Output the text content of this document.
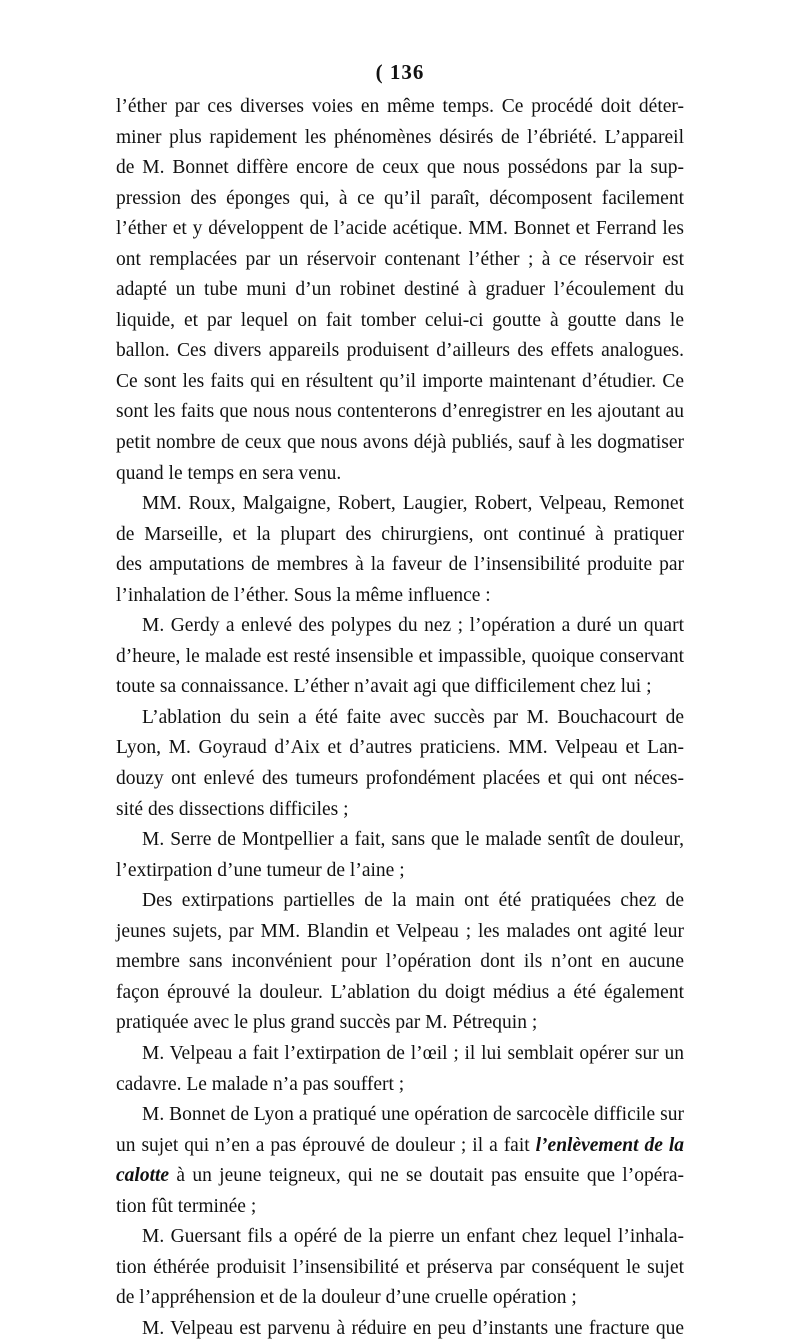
( 136
l’éther par ces diverses voies en même temps. Ce procédé doit déter-
miner plus rapidement les phénomènes désirés de l’ébriété. L’appareil
de M. Bonnet diffère encore de ceux que nous possédons par la sup-
pression des éponges qui, à ce qu’il paraît, décomposent facilement
l’éther et y développent de l’acide acétique. MM. Bonnet et Ferrand les
ont remplacées par un réservoir contenant l’éther ; à ce réservoir est
adapté un tube muni d’un robinet destiné à graduer l’écoulement du
liquide, et par lequel on fait tomber celui-ci goutte à goutte dans le
ballon. Ces divers appareils produisent d’ailleurs des effets analogues.
Ce sont les faits qui en résultent qu’il importe maintenant d’étudier. Ce
sont les faits que nous nous contenterons d’enregistrer en les ajoutant au
petit nombre de ceux que nous avons déjà publiés, sauf à les dogmatiser
quand le temps en sera venu.
MM. Roux, Malgaigne, Robert, Laugier, Robert, Velpeau, Remonet
de Marseille, et la plupart des chirurgiens, ont continué à pratiquer
des amputations de membres à la faveur de l’insensibilité produite par
l’inhalation de l’éther. Sous la même influence :
M. Gerdy a enlevé des polypes du nez ; l’opération a duré un quart
d’heure, le malade est resté insensible et impassible, quoique conservant
toute sa connaissance. L’éther n’avait agi que difficilement chez lui ;
L’ablation du sein a été faite avec succès par M. Bouchacourt de
Lyon, M. Goyraud d’Aix et d’autres praticiens. MM. Velpeau et Lan-
douzy ont enlevé des tumeurs profondément placées et qui ont néces-
sité des dissections difficiles ;
M. Serre de Montpellier a fait, sans que le malade sentît de douleur,
l’extirpation d’une tumeur de l’aine ;
Des extirpations partielles de la main ont été pratiquées chez de
jeunes sujets, par MM. Blandin et Velpeau ; les malades ont agité leur
membre sans inconvénient pour l’opération dont ils n’ont en aucune
façon éprouvé la douleur. L’ablation du doigt médius a été également
pratiquée avec le plus grand succès par M. Pétrequin ;
M. Velpeau a fait l’extirpation de l’œil ; il lui semblait opérer sur un
cadavre. Le malade n’a pas souffert ;
M. Bonnet de Lyon a pratiqué une opération de sarcocèle difficile sur
un sujet qui n’en a pas éprouvé de douleur ; il a fait l’enlèvement de la
calotte à un jeune teigneux, qui ne se doutait pas ensuite que l’opéra-
tion fût terminée ;
M. Guersant fils a opéré de la pierre un enfant chez lequel l’inhala-
tion éthérée produisit l’insensibilité et préserva par conséquent le sujet
de l’appréhension et de la douleur d’une cruelle opération ;
M. Velpeau est parvenu à réduire en peu d’instants une fracture que
